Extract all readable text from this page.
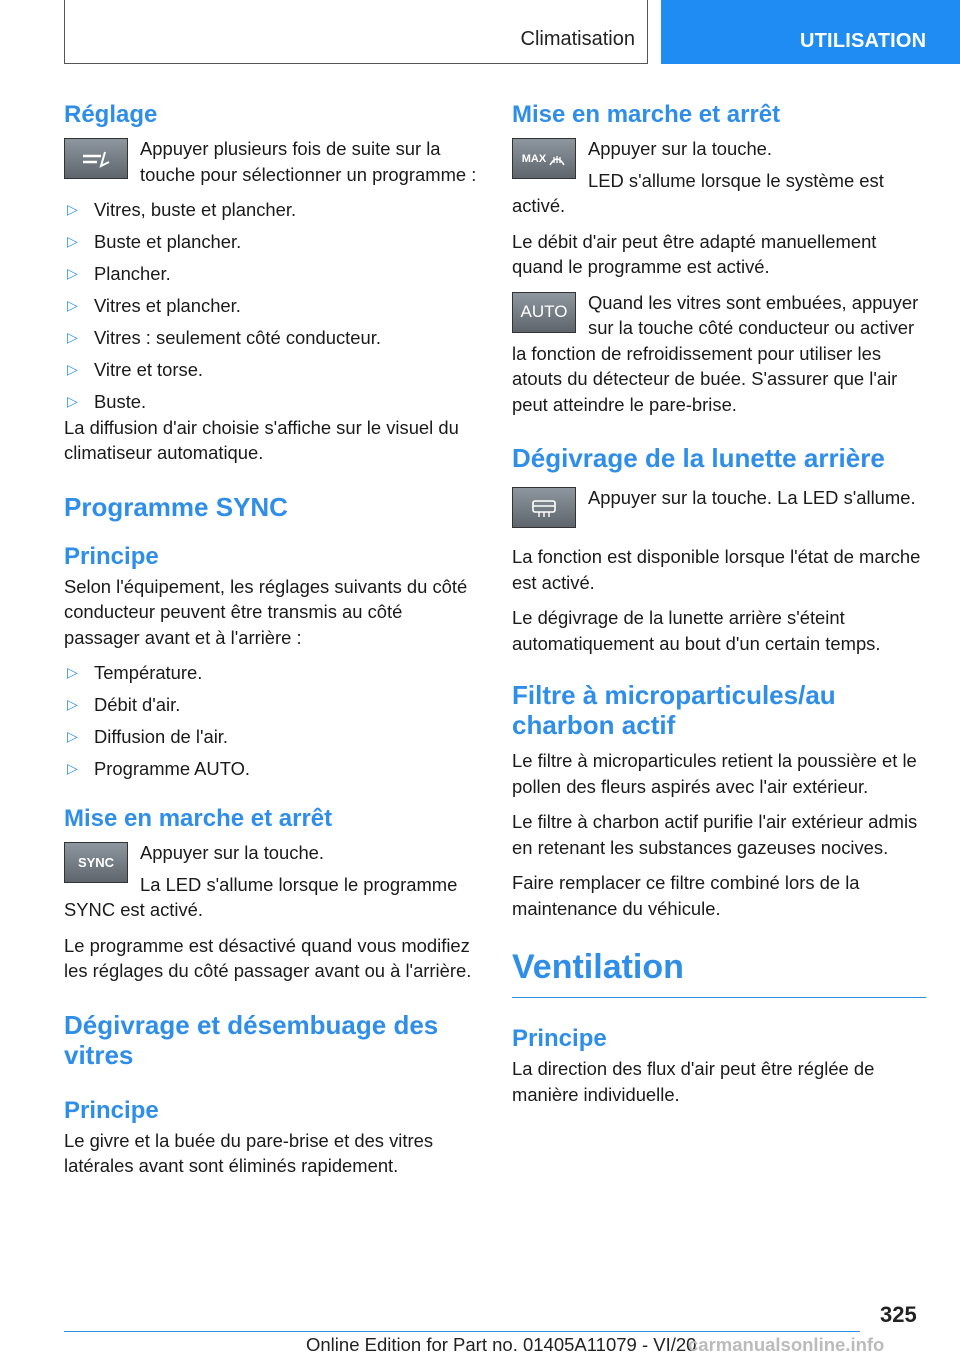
Climatisation	UTILISATION
Réglage

Appuyer plusieurs fois de suite sur la touche pour sélectionner un programme :

▷ Vitres, buste et plancher.
▷ Buste et plancher.
▷ Plancher.
▷ Vitres et plancher.
▷ Vitres : seulement côté conducteur.
▷ Vitre et torse.
▷ Buste.

La diffusion d'air choisie s'affiche sur le visuel du climatiseur automatique.

Programme SYNC
Principe

Selon l'équipement, les réglages suivants du côté conducteur peuvent être transmis au côté passager avant et à l'arrière :

▷ Température.
▷ Débit d'air.
▷ Diffusion de l'air.
▷ Programme AUTO.
Mise en marche et arrêt
SYNC	Appuyer sur la touche.

La LED s'allume lorsque le programme SYNC est activé.

Le programme est désactivé quand vous modifiez les réglages du côté passager avant ou à l'arrière.

Dégivrage et désembuage des vitres
Principe

Le givre et la buée du pare-brise et des vitres latérales avant sont éliminés rapidement.

Mise en marche et arrêt
MAX	Appuyer sur la touche.

LED s'allume lorsque le système est activé.

Le débit d'air peut être adapté manuellement quand le programme est activé.

AUTO	Quand les vitres sont embuées, appuyer sur la touche côté conducteur ou activer la fonction de refroidissement pour utiliser les atouts du détecteur de buée. S'assurer que l'air peut atteindre le pare-brise.

Dégivrage de la lunette arrière

Appuyer sur la touche. La LED s'allume.

La fonction est disponible lorsque l'état de marche est activé.

Le dégivrage de la lunette arrière s'éteint automatiquement au bout d'un certain temps.

Filtre à microparticules/au charbon actif

Le filtre à microparticules retient la poussière et le pollen des fleurs aspirés avec l'air extérieur.

Le filtre à charbon actif purifie l'air extérieur admis en retenant les substances gazeuses nocives.

Faire remplacer ce filtre combiné lors de la maintenance du véhicule.

Ventilation
Principe

La direction des flux d'air peut être réglée de manière individuelle.

325
Online Edition for Part no. 01405A11079 - VI/20
carmanualsonline.info
